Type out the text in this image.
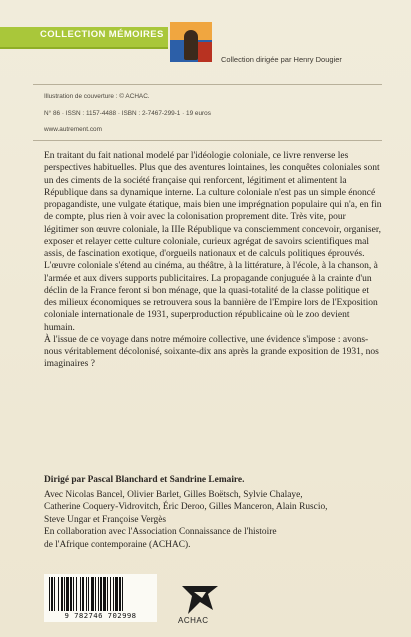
COLLECTION MÉMOIRES
Collection dirigée par Henry Dougier
Illustration de couverture : © ACHAC.
N° 86 · ISSN : 1157-4488 · ISBN : 2-7467-299-1 · 19 euros
www.autrement.com

En traitant du fait national modelé par l'idéologie coloniale, ce livre renverse les perspectives habituelles. Plus que des aventures lointaines, les conquêtes coloniales sont un des ciments de la société française qui renforcent, légitiment et alimentent la République dans sa dynamique interne. La culture coloniale n'est pas un simple énoncé propagandiste, une vulgate étatique, mais bien une imprégnation populaire qui n'a, en fin de compte, plus rien à voir avec la colonisation proprement dite. Très vite, pour légitimer son œuvre coloniale, la IIIe République va consciemment concevoir, organiser, exposer et relayer cette culture coloniale, curieux agrégat de savoirs scientifiques mal assis, de fascination exotique, d'orgueils nationaux et de calculs politiques éprouvés.

L'œuvre coloniale s'étend au cinéma, au théâtre, à la littérature, à l'école, à la chanson, à l'armée et aux divers supports publicitaires. La propagande conjuguée à la crainte d'un déclin de la France feront si bon ménage, que la quasi-totalité de la classe politique et des milieux économiques se retrouvera sous la bannière de l'Empire lors de l'Exposition coloniale internationale de 1931, superproduction républicaine où le zoo devient humain.

À l'issue de ce voyage dans notre mémoire collective, une évidence s'impose : avons-nous véritablement décolonisé, soixante-dix ans après la grande exposition de 1931, nos imaginaires ?

Dirigé par Pascal Blanchard et Sandrine Lemaire.
Avec Nicolas Bancel, Olivier Barlet, Gilles Boëtsch, Sylvie Chalaye,
Catherine Coquery-Vidrovitch, Éric Deroo, Gilles Manceron, Alain Ruscio,
Steve Ungar et Françoise Vergès
En collaboration avec l'Association Connaissance de l'histoire
de l'Afrique contemporaine (ACHAC).
9 782746 702998
ACHAC
